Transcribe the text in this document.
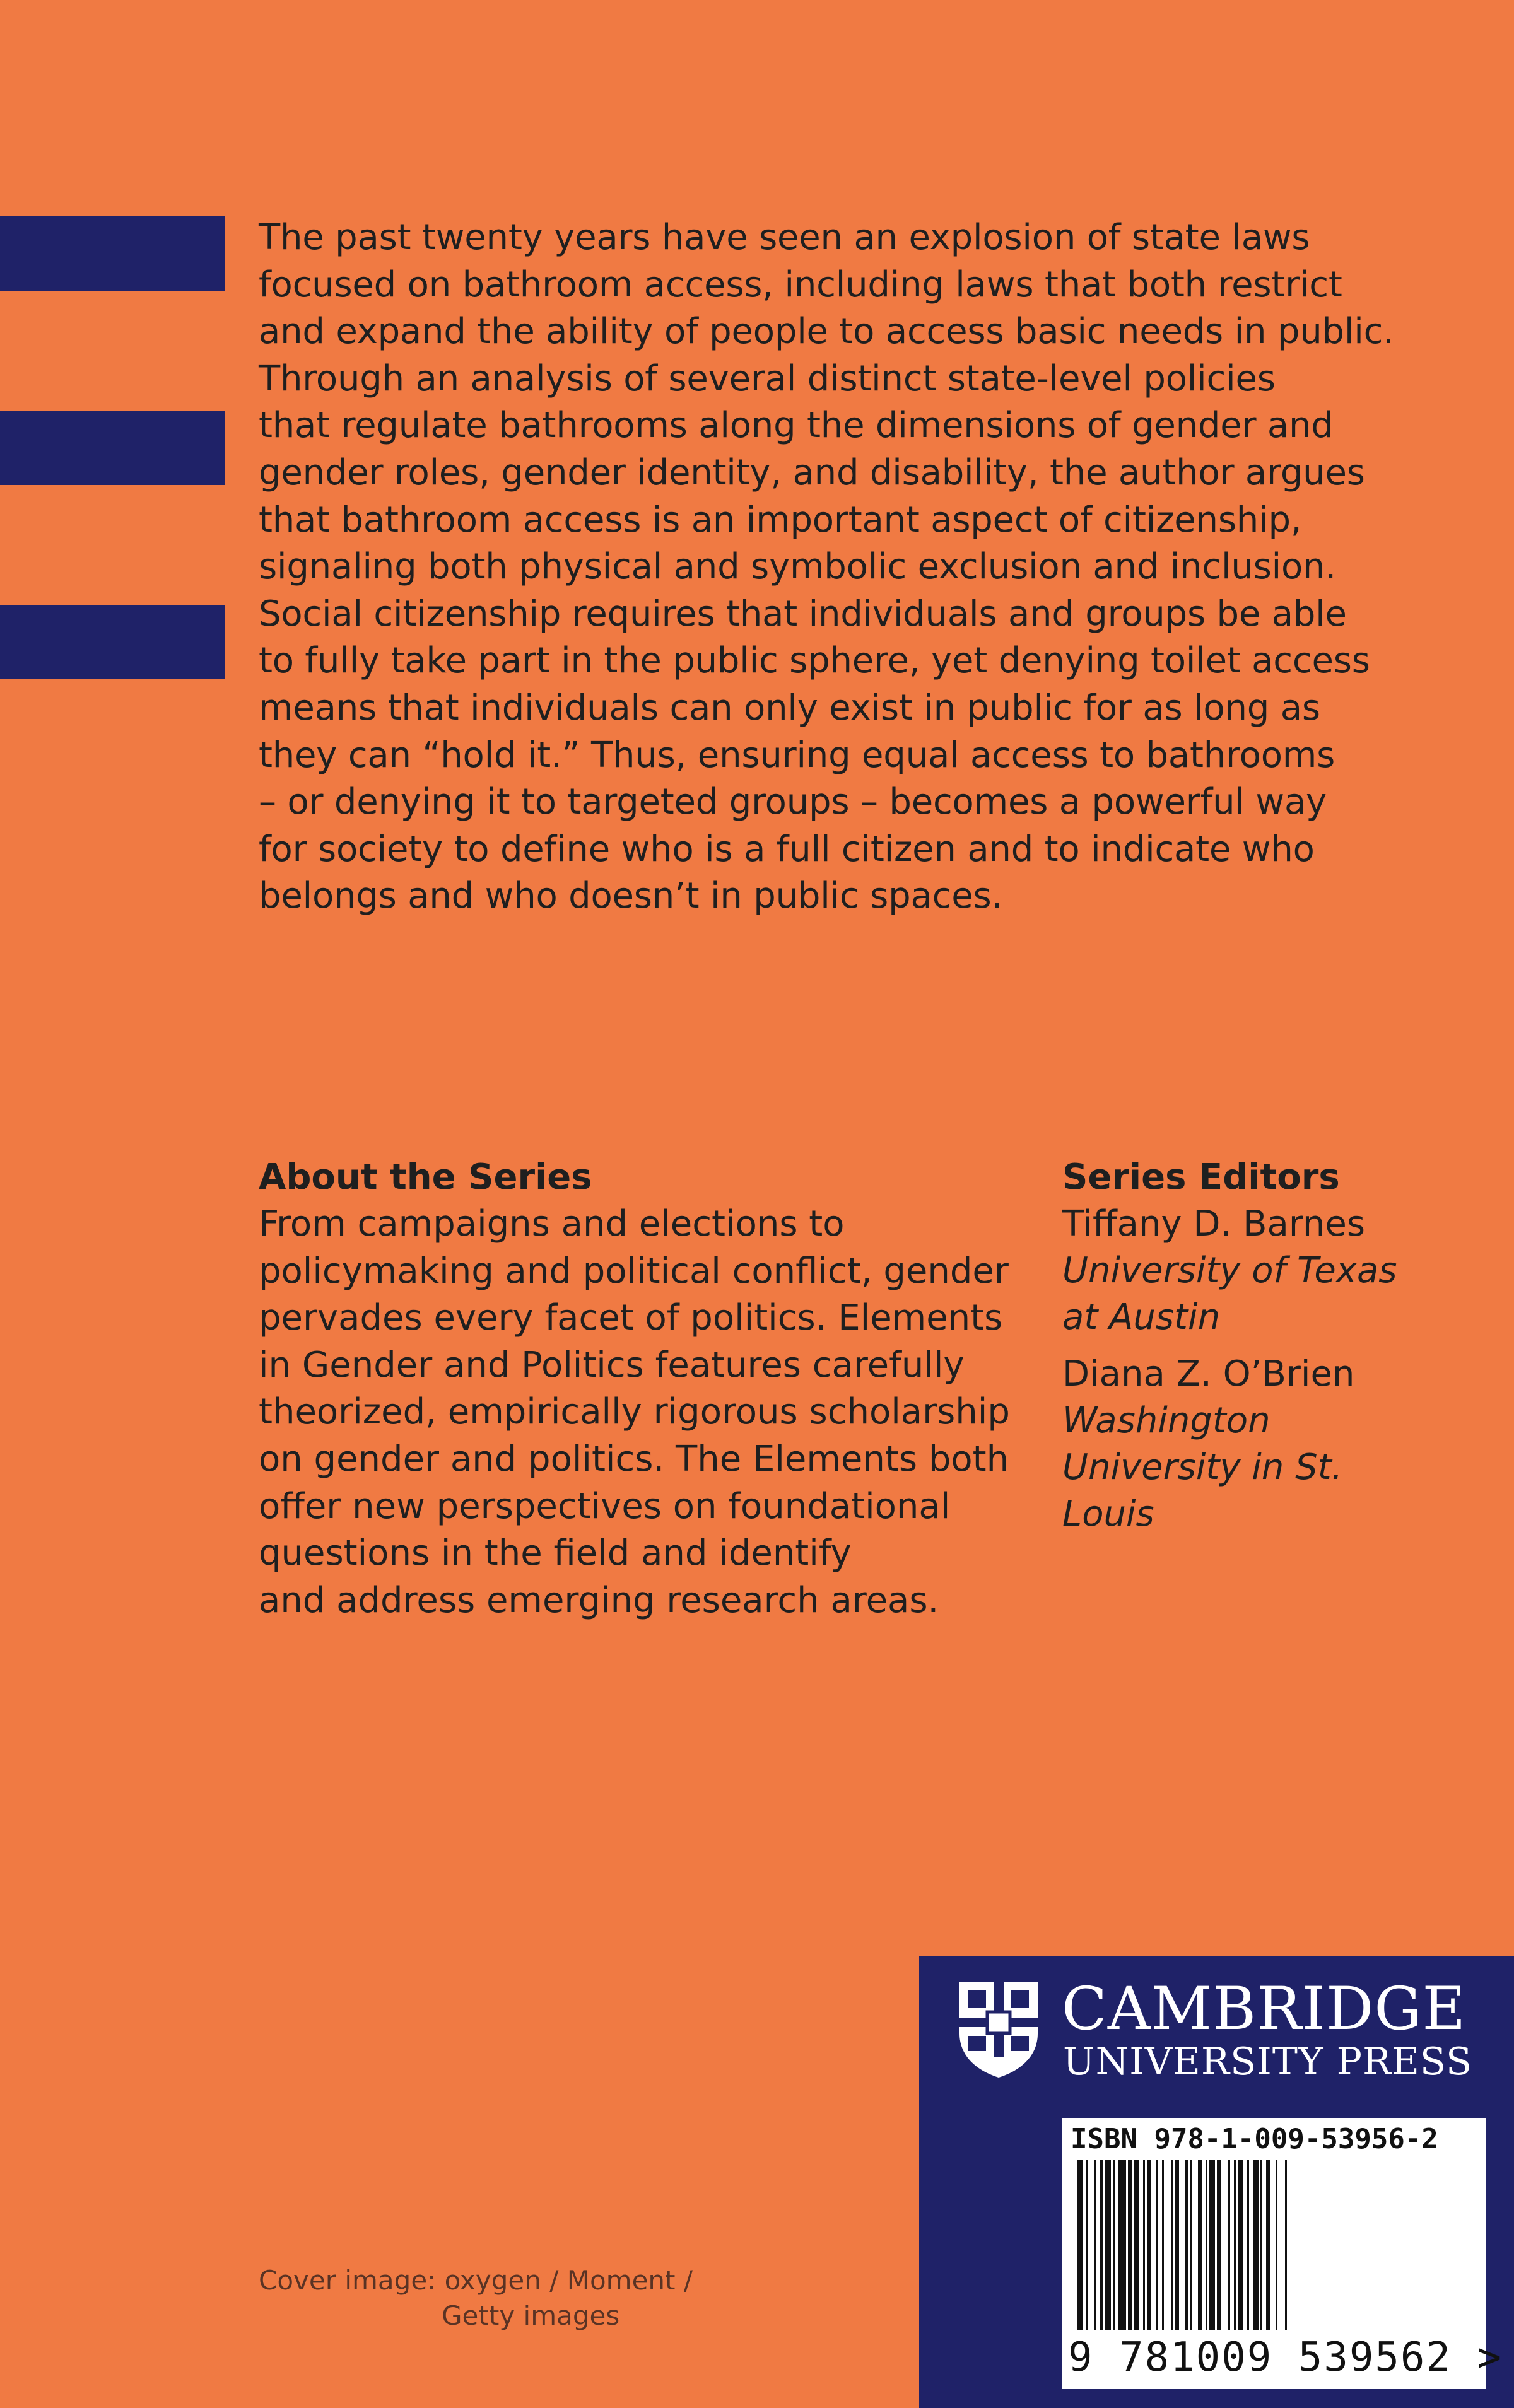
The past twenty years have seen an explosion of state laws
focused on bathroom access, including laws that both restrict
and expand the ability of people to access basic needs in public.
Through an analysis of several distinct state-level policies
that regulate bathrooms along the dimensions of gender and
gender roles, gender identity, and disability, the author argues
that bathroom access is an important aspect of citizenship,
signaling both physical and symbolic exclusion and inclusion.
Social citizenship requires that individuals and groups be able
to fully take part in the public sphere, yet denying toilet access
means that individuals can only exist in public for as long as
they can “hold it.” Thus, ensuring equal access to bathrooms
– or denying it to targeted groups – becomes a powerful way
for society to define who is a full citizen and to indicate who
belongs and who doesn’t in public spaces.
About the Series
From campaigns and elections to
policymaking and political conflict, gender
pervades every facet of politics. Elements
in Gender and Politics features carefully
theorized, empirically rigorous scholarship
on gender and politics. The Elements both
offer new perspectives on foundational
questions in the field and identify
and address emerging research areas.
Series Editors
Tiffany D. Barnes
University of Texas
at Austin
Diana Z. O’Brien
Washington
University in St.
Louis
Cover image: oxygen / Moment /
Getty images
CAMBRIDGE
UNIVERSITY PRESS
ISBN 978-1-009-53956-2
9 781009 539562 >
